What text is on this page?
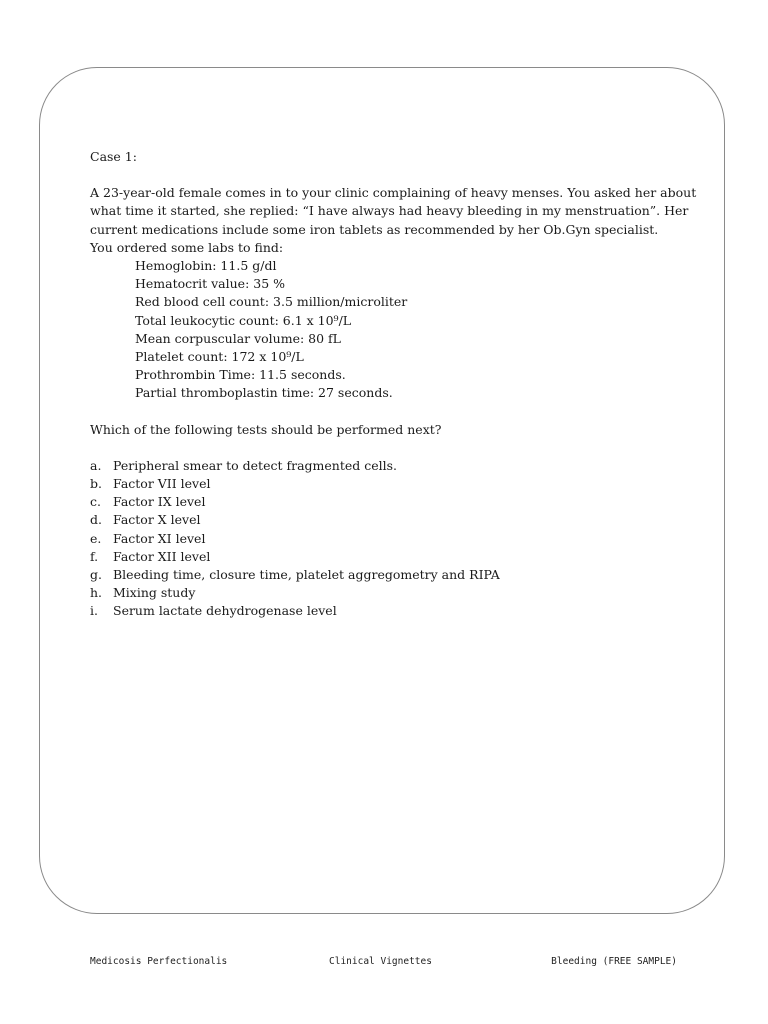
Case 1:

A 23-year-old female comes in to your clinic complaining of heavy menses. You asked her about
what time it started, she replied: “I have always had heavy bleeding in my menstruation”. Her
current medications include some iron tablets as recommended by her Ob.Gyn specialist.
You ordered some labs to find:
Hemoglobin: 11.5 g/dl
Hematocrit value: 35 %
Red blood cell count: 3.5 million/microliter
Total leukocytic count: 6.1 x 10⁹/L
Mean corpuscular volume: 80 fL
Platelet count: 172 x 10⁹/L
Prothrombin Time: 11.5 seconds.
Partial thromboplastin time: 27 seconds.

Which of the following tests should be performed next?

a. Peripheral smear to detect fragmented cells.
b. Factor VII level
c. Factor IX level
d. Factor X level
e. Factor XI level
f.	Factor XII level
g. Bleeding time, closure time, platelet aggregometry and RIPA
h. Mixing study
i.	Serum lactate dehydrogenase level
Medicosis Perfectionalis	Clinical Vignettes	Bleeding (FREE SAMPLE)
